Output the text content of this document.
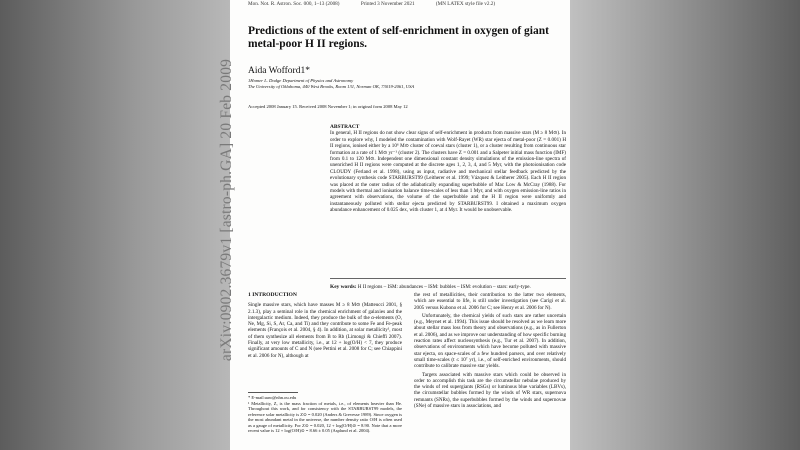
Mon. Not. R. Astron. Soc. 000, 1–13 (2008)	Printed 3 November 2021	(MN LATEX style file v2.2)
Predictions of the extent of self-enrichment in oxygen of giant metal-poor H II regions.
Aida Wofford1*
1Homer L. Dodge Department of Physics and Astronomy
The University of Oklahoma, 440 West Brooks, Room 131, Norman OK, 73019-2061, USA
Accepted 2008 January 15. Received 2008 November 1; in original form 2008 May 12
ABSTRACT
In general, H II regions do not show clear signs of self-enrichment in products from massive stars (M ≥ 8 M⊙). In order to explore why, I modeled the contamination with Wolf-Rayet (WR) star ejecta of metal-poor (Z = 0.001) H II regions, ionised either by a 10⁶ M⊙ cluster of coeval stars (cluster 1), or a cluster resulting from continuous star formation at a rate of 1 M⊙ yr⁻¹ (cluster 2). The clusters have Z = 0.001 and a Salpeter initial mass function (IMF) from 0.1 to 120 M⊙. Independent one dimensional constant density simulations of the emission-line spectra of unenriched H II regions were computed at the discrete ages 1, 2, 3, 4, and 5 Myr, with the photoionisation code CLOUDY (Ferland et al. 1998), using as input, radiative and mechanical stellar feedback predicted by the evolutionary synthesis code STARBURST99 (Leitherer et al. 1999; Vázquez & Leitherer 2005). Each H II region was placed at the outer radius of the adiabatically expanding superbubble of Mac Low & McCray (1988). For models with thermal and ionisation balance time-scales of less than 1 Myr, and with oxygen emission-line ratios in agreement with observations, the volume of the superbubble and the H II region were uniformly and instantaneously polluted with stellar ejecta predicted by STARBURST99. I obtained a maximum oxygen abundance enhancement of 0.025 dex, with cluster 1, at 4 Myr. It would be unobservable.
Key words: H II regions – ISM: abundances – ISM: bubbles – ISM: evolution – stars: early-type.
1 INTRODUCTION

Single massive stars, which have masses M ≥ 8 M⊙ (Matteucci 2001, § 2.1.3), play a seminal role in the chemical enrichment of galaxies and the intergalactic medium. Indeed, they produce the bulk of the α-elements (O, Ne, Mg, Si, S, Ar, Ca, and Ti) and they contribute to some Fe and Fe-peak elements (François et al. 2004, § 4). In addition, at solar metallicity¹, most of them synthesize all elements from B to Rb (Limongi & Chieffi 2007). Finally, at very low metallicity, i.e., at 12 + log(O/H) < 7, they produce significant amounts of C and N (see Pettini et al. 2008 for C; see Chiappini et al. 2006 for N), although at

* E-mail:aaw@nhn.ou.edu

¹ Metallicity, Z, is the mass fraction of metals, i.e., of elements heavier than He. Throughout this work, and for consistency with the STARBURST99 models, the reference solar metallicity is Z⊙ = 0.020 (Anders & Grevesse 1989). Since oxygen is the most abundant metal in the universe, the number density ratio O/H is often used as a gauge of metallicity. For Z⊙ = 0.020, 12 + log(O/H)⊙ = 8.90. Note that a more recent value is 12 + log(O/H)⊙ = 8.66 ± 0.05 (Asplund et al. 2004).

the rest of metallicities, their contribution to the latter two elements, which are essential to life, is still under investigation (see Carigi et al. 2005 versus Kubono et al. 2006 for C; see Henry et al. 2006 for N).

Unfortunately, the chemical yields of such stars are rather uncertain (e.g., Meynet et al. 1994). This issue should be resolved as we learn more about stellar mass loss from theory and observations (e.g., as in Fullerton et al. 2006), and as we improve our understanding of how specific burning reaction rates affect nucleosynthesis (e.g., Tur et al. 2007). In addition, observations of environments which have become polluted with massive star ejecta, on space-scales of a few hundred parsecs, and over relatively small time-scales (t ≤ 10⁷ yr), i.e., of self-enriched environments, should contribute to calibrate massive star yields.

Targets associated with massive stars which could be observed in order to accomplish this task are the circumstellar nebulae produced by the winds of red supergiants (RSGs) or luminous blue variables (LBVs), the circumstellar bubbles formed by the winds of WR stars, supernova remnants (SNRs), the superbubbles formed by the winds and supernovae (SNe) of massive stars in associations, and

arXiv:0902.3679v1 [astro-ph.GA] 20 Feb 2009
